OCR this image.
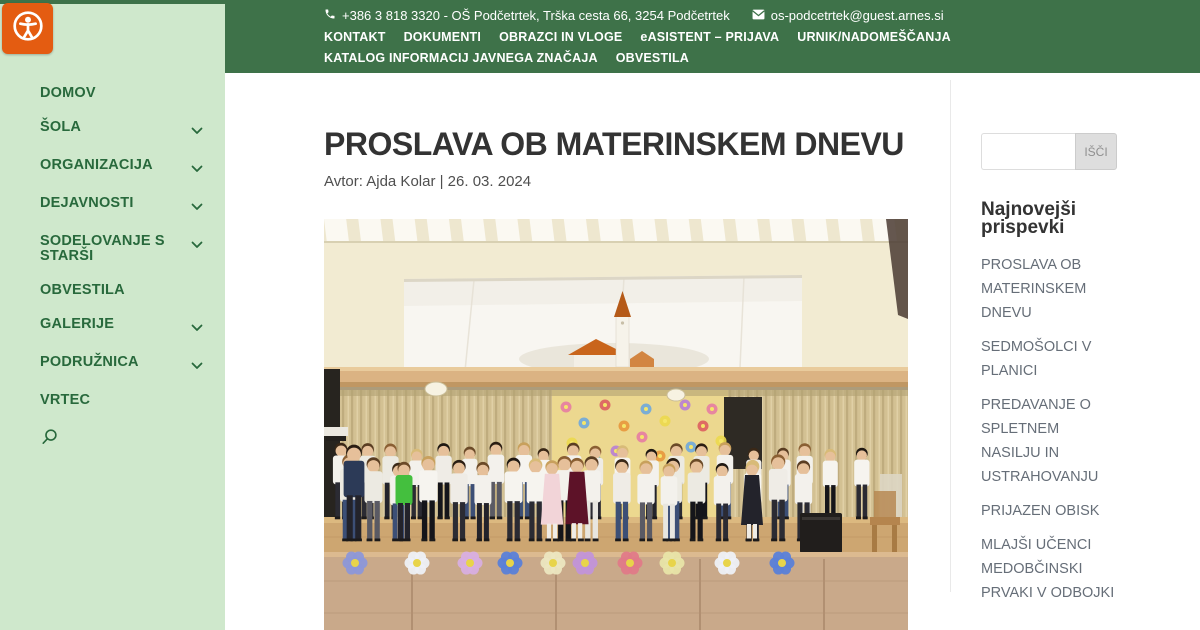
+386 3 818 3320 - OŠ Podčetrtek, Trška cesta 66, 3254 Podčetrtek	os-podcetrtek@guest.arnes.si
KONTAKT DOKUMENTI OBRAZCI IN VLOGE eASISTENT – PRIJAVA URNIK/NADOMEŠČANJA
KATALOG INFORMACIJ JAVNEGA ZNAČAJA OBVESTILA
DOMOV
ŠOLA
ORGANIZACIJA
DEJAVNOSTI
SODELOVANJE S STARŠI
OBVESTILA
GALERIJE
PODRUŽNICA
VRTEC
PROSLAVA OB MATERINSKEM DNEVU
Avtor: Ajda Kolar | 26. 03. 2024
IŠČI
Najnovejši prispevki
PROSLAVA OB MATERINSKEM DNEVU
SEDMOŠOLCI V PLANICI
PREDAVANJE O SPLETNEM NASILJU IN USTRAHOVANJU
PRIJAZEN OBISK
MLAJŠI UČENCI MEDOBČINSKI PRVAKI V ODBOJKI
